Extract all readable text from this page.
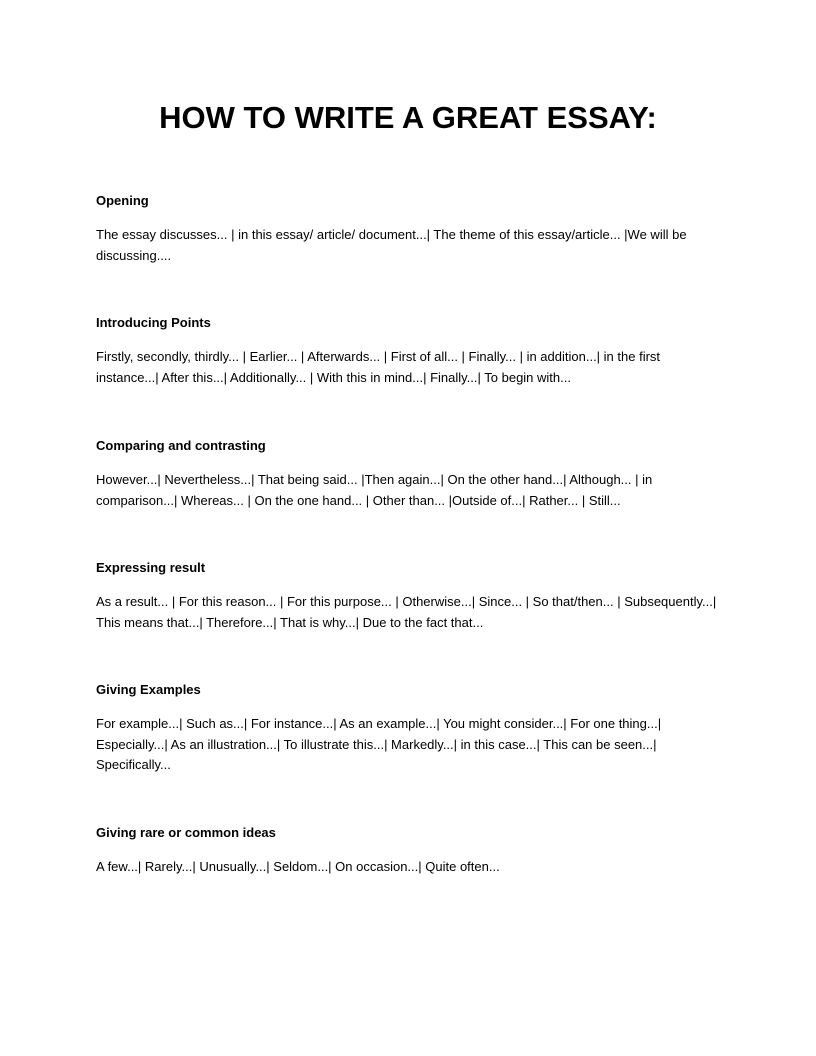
HOW TO WRITE A GREAT ESSAY:
Opening

The essay discusses... | in this essay/ article/ document...| The theme of this essay/article... |We will be discussing....

Introducing Points

Firstly, secondly, thirdly... | Earlier... | Afterwards... | First of all... | Finally... | in addition...| in the first instance...| After this...| Additionally... | With this in mind...| Finally...| To begin with...

Comparing and contrasting

However...| Nevertheless...| That being said... |Then again...| On the other hand...| Although... | in comparison...| Whereas... | On the one hand... | Other than... |Outside of...| Rather... | Still...

Expressing result

As a result... | For this reason... | For this purpose... | Otherwise...| Since... | So that/then... | Subsequently...| This means that...| Therefore...| That is why...| Due to the fact that...

Giving Examples

For example...| Such as...| For instance...| As an example...| You might consider...| For one thing...| Especially...| As an illustration...| To illustrate this...| Markedly...| in this case...| This can be seen...| Specifically...

Giving rare or common ideas

A few...| Rarely...| Unusually...| Seldom...| On occasion...| Quite often...
